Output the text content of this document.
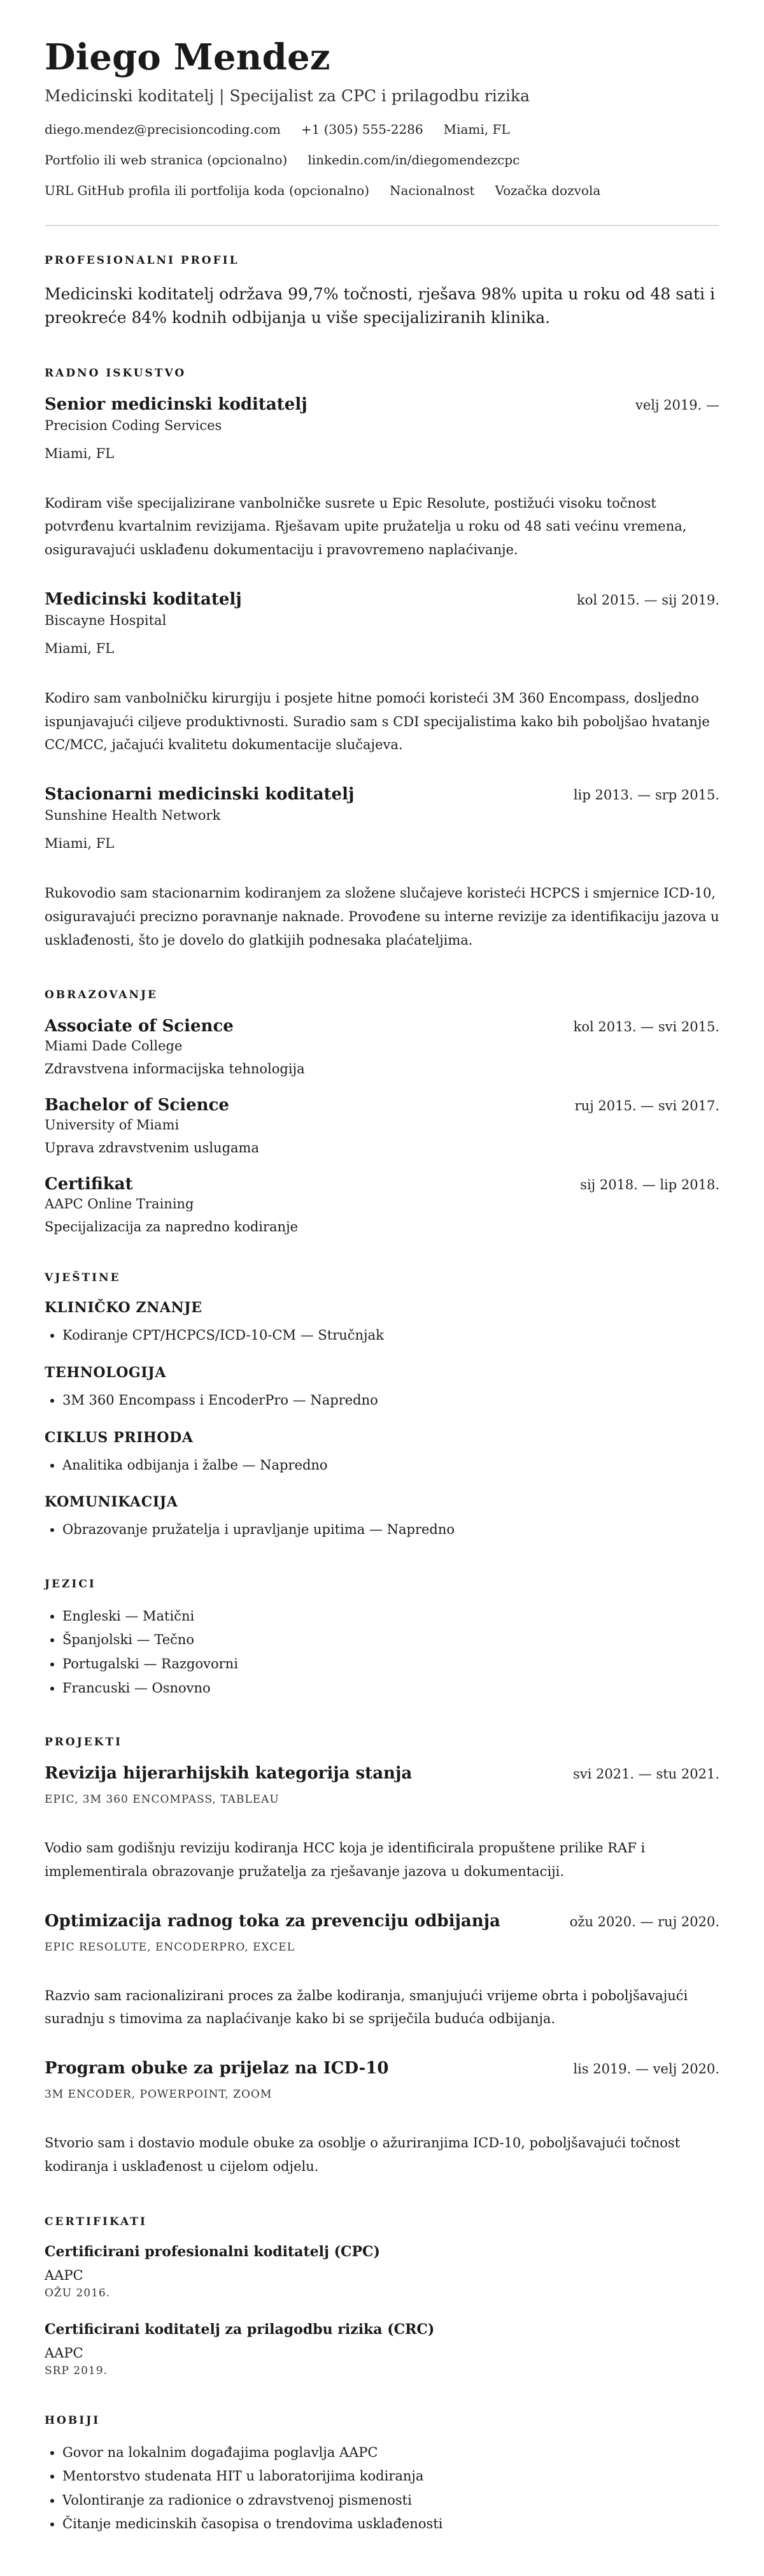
Diego Mendez
Medicinski koditatelj | Specijalist za CPC i prilagodbu rizika
diego.mendez@precisioncoding.com +1 (305) 555-2286 Miami, FL
Portfolio ili web stranica (opcionalno) linkedin.com/in/diegomendezcpc
URL GitHub profila ili portfolija koda (opcionalno) Nacionalnost Vozačka dozvola
PROFESIONALNI PROFIL

Medicinski koditatelj održava 99,7% točnosti, rješava 98% upita u roku od 48 sati i preokreće 84% kodnih odbijanja u više specijaliziranih klinika.

RADNO ISKUSTVO
Senior medicinski koditatelj	velj 2019. —
Precision Coding Services
Miami, FL

Kodiram više specijalizirane vanbolničke susrete u Epic Resolute, postižući visoku točnost potvrđenu kvartalnim revizijama. Rješavam upite pružatelja u roku od 48 sati većinu vremena, osiguravajući usklađenu dokumentaciju i pravovremeno naplaćivanje.

Medicinski koditatelj	kol 2015. — sij 2019.
Biscayne Hospital
Miami, FL

Kodiro sam vanbolničku kirurgiju i posjete hitne pomoći koristeći 3M 360 Encompass, dosljedno ispunjavajući ciljeve produktivnosti. Suradio sam s CDI specijalistima kako bih poboljšao hvatanje CC/MCC, jačajući kvalitetu dokumentacije slučajeva.

Stacionarni medicinski koditatelj	lip 2013. — srp 2015.
Sunshine Health Network
Miami, FL

Rukovodio sam stacionarnim kodiranjem za složene slučajeve koristeći HCPCS i smjernice ICD-10, osiguravajući precizno poravnanje naknade. Provođene su interne revizije za identifikaciju jazova u usklađenosti, što je dovelo do glatkijih podnesaka plaćateljima.

OBRAZOVANJE
Associate of Science	kol 2013. — svi 2015.
Miami Dade College
Zdravstvena informacijska tehnologija
Bachelor of Science	ruj 2015. — svi 2017.
University of Miami
Uprava zdravstvenim uslugama
Certifikat	sij 2018. — lip 2018.
AAPC Online Training
Specijalizacija za napredno kodiranje
VJEŠTINE
KLINIČKO ZNANJE
• Kodiranje CPT/HCPCS/ICD-10-CM — Stručnjak
TEHNOLOGIJA
• 3M 360 Encompass i EncoderPro — Napredno
CIKLUS PRIHODA
• Analitika odbijanja i žalbe — Napredno
KOMUNIKACIJA
• Obrazovanje pružatelja i upravljanje upitima — Napredno
JEZICI
• Engleski — Matični
• Španjolski — Tečno
• Portugalski — Razgovorni
• Francuski — Osnovno
PROJEKTI
Revizija hijerarhijskih kategorija stanja	svi 2021. — stu 2021.
EPIC, 3M 360 ENCOMPASS, TABLEAU

Vodio sam godišnju reviziju kodiranja HCC koja je identificirala propuštene prilike RAF i implementirala obrazovanje pružatelja za rješavanje jazova u dokumentaciji.

Optimizacija radnog toka za prevenciju odbijanja	ožu 2020. — ruj 2020.
EPIC RESOLUTE, ENCODERPRO, EXCEL

Razvio sam racionalizirani proces za žalbe kodiranja, smanjujući vrijeme obrta i poboljšavajući suradnju s timovima za naplaćivanje kako bi se spriječila buduća odbijanja.

Program obuke za prijelaz na ICD-10	lis 2019. — velj 2020.
3M ENCODER, POWERPOINT, ZOOM

Stvorio sam i dostavio module obuke za osoblje o ažuriranjima ICD-10, poboljšavajući točnost kodiranja i usklađenost u cijelom odjelu.

CERTIFIKATI
Certificirani profesionalni koditatelj (CPC)
AAPC
OŽU 2016.
Certificirani koditatelj za prilagodbu rizika (CRC)
AAPC
SRP 2019.
HOBIJI
• Govor na lokalnim događajima poglavlja AAPC
• Mentorstvo studenata HIT u laboratorijima kodiranja
• Volontiranje za radionice o zdravstvenoj pismenosti
• Čitanje medicinskih časopisa o trendovima usklađenosti
